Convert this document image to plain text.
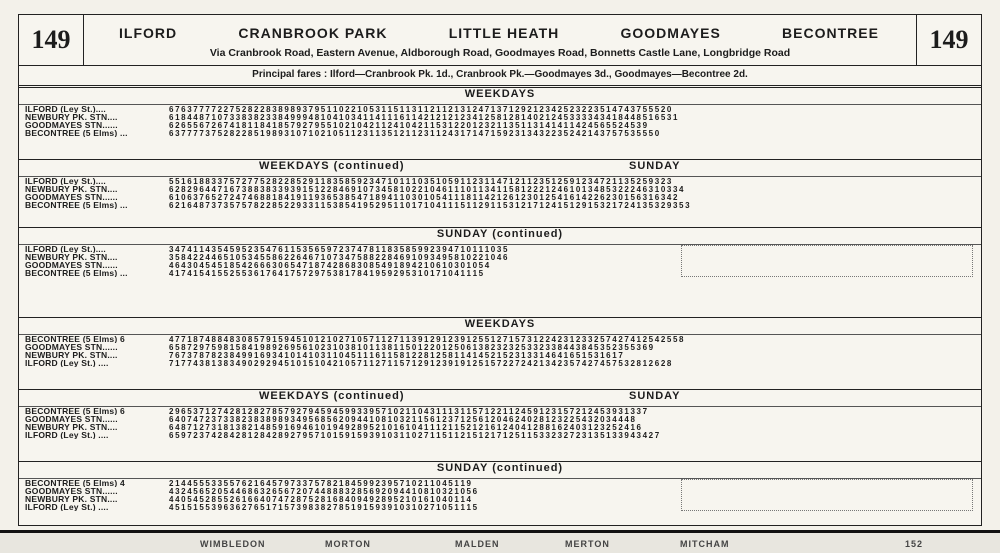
149	ILFORD	CRANBROOK PARK	LITTLE HEATH	GOODMAYES	BECONTREE
Via Cranbrook Road, Eastern Avenue, Aldborough Road, Goodmayes Road, Bonnetts Castle Lane, Longbridge Road	149
Principal fares : Ilford—Cranbrook Pk. 1d., Cranbrook Pk.—Goodmayes 3d., Goodmayes—Becontree 2d.
WEEKDAYS
ILFORD (Ley St.)....	6 7 6 3 7 7 7 7 2 2 7 5 2 8 2 2 8 3 8 9 8 9 3 7 9 5 1 1 0 2 2 1 0 5 3 1 1 5 1 1 3 1 1 2 1 1 2 1 3 1 2 4 7 1 3 7 1 2 9 2 1 2 3 4 2 5 2 3 2 2 3 5 1 4 7 4 3 7 5 5 5 2 0
NEWBURY PK. STN....	6 1 8 4 4 8 7 1 0 7 3 3 8 3 8 2 3 3 8 4 9 9 9 4 8 1 0 4 1 0 3 4 1 1 4 1 1 1 6 1 1 4 2 1 2 1 2 1 2 3 4 1 2 5 8 1 2 8 1 4 0 2 1 2 4 5 3 3 3 3 4 3 4 1 8 4 4 8 5 1 6 5 3 1
GOODMAYES STN......	6 2 6 5 5 6 7 2 6 7 4 1 8 1 1 8 4 1 8 5 7 9 2 7 9 5 5 1 0 2 1 0 4 2 1 1 2 4 1 0 4 2 1 1 5 3 1 2 2 0 1 2 3 2 1 1 3 5 1 1 3 1 4 1 4 1 1 4 2 4 5 6 5 5 2 4 5 3 9
BECONTREE (5 Elms) ...	6 3 7 7 7 7 3 7 5 2 8 2 2 8 5 1 9 8 9 3 1 0 7 1 0 2 1 0 5 1 1 2 3 1 1 3 5 1 2 1 1 2 3 1 1 2 4 3 1 7 1 4 7 1 5 9 2 3 1 3 4 3 2 2 3 5 2 4 2 1 4 3 7 5 7 5 3 5 5 5 0
WEEKDAYS (continued)	SUNDAY
ILFORD (Ley St.)....	5 5 1 6 1 8 8 3 3 7 5 7 2 7 7 5 2 8 2 2 8 5 2 9 1 1 8 3 5 8 5 9 2 3 4 7 1 0 1 1 1 0 3 5 1 0 5 9 1 1 2 3 1 1 4 7 1 2 1 1 2 3 5 1 2 5 9 1 2 3 4 7 2 1 1 3 5 2 5 9 3 2 3
NEWBURY PK. STN....	6 2 8 2 9 6 4 4 7 1 6 7 3 8 8 3 8 3 3 9 3 9 1 5 1 2 2 8 4 6 9 1 0 7 3 4 5 8 1 0 2 2 1 0 4 6 1 1 1 0 1 1 3 4 1 1 5 8 1 2 2 2 1 2 4 6 1 0 1 3 4 8 5 3 2 2 2 4 6 3 1 0 3 3 4
GOODMAYES STN......	6 1 0 6 3 7 6 5 2 7 2 4 7 4 6 8 8 1 8 4 1 9 1 1 9 3 6 5 3 8 5 4 7 1 8 9 4 1 1 0 3 0 1 0 5 4 1 1 1 8 1 1 4 2 1 2 6 1 2 3 0 1 2 5 4 1 6 1 4 2 2 6 2 3 0 1 5 6 3 1 6 3 4 2
BECONTREE (5 Elms) ...	6 2 1 6 4 8 7 3 7 3 5 7 5 7 8 2 2 8 5 2 2 9 3 3 1 1 5 3 8 5 4 1 9 5 2 9 5 1 1 0 1 7 1 0 4 1 1 1 5 1 1 2 9 1 1 5 3 1 2 1 7 1 2 4 1 5 1 2 9 1 5 3 2 1 7 2 4 1 3 5 3 2 9 3 5 3
SUNDAY (continued)
ILFORD (Ley St.)....	3 4 7 4 1 1 4 3 5 4 5 9 5 2 3 5 4 7 6 1 1 5 3 5 6 5 9 7 2 3 7 4 7 8 1 1 8 3 5 8 5 9 9 2 3 9 4 7 1 0 1 1 1 0 3 5
NEWBURY PK. STN....	3 5 8 4 2 2 4 4 6 5 1 0 5 3 4 5 5 8 6 2 2 6 4 6 7 1 0 7 3 4 7 5 8 8 2 2 8 4 6 9 1 0 9 3 4 9 5 8 1 0 2 2 1 0 4 6
GOODMAYES STN......	4 6 4 3 0 4 5 4 5 1 8 5 4 2 6 6 6 3 0 6 5 4 7 1 8 7 4 2 8 6 8 3 0 8 5 4 9 1 8 9 4 2 1 0 6 1 0 3 0 1 0 5 4
BECONTREE (5 Elms) ...	4 1 7 4 1 5 4 1 5 5 2 5 5 3 6 1 7 6 4 1 7 5 7 2 9 7 5 3 8 1 7 8 4 1 9 5 9 2 9 5 3 1 0 1 7 1 0 4 1 1 1 5
WEEKDAYS
BECONTREE (5 Elms) 6	4 7 7 1 8 7 4 8 8 4 8 3 0 8 5 7 9 1 5 9 4 5 1 0 1 2 1 0 2 7 1 0 5 7 1 1 2 7 1 1 3 9 1 2 9 1 2 3 9 1 2 5 5 1 2 7 1 5 7 3 1 2 2 4 2 3 1 2 3 3 2 5 7 4 2 7 4 1 2 5 4 2 5 5 8
GOODMAYES STN......	6 5 8 7 2 9 7 5 9 8 1 5 8 4 1 9 8 9 2 6 9 5 6 1 0 2 3 1 0 3 8 1 0 1 1 3 8 1 1 5 0 1 2 2 0 1 2 5 0 6 1 3 8 2 3 2 3 2 5 3 3 2 3 3 8 4 4 3 8 4 5 3 5 2 3 5 5 3 6 9
NEWBURY PK. STN....	7 6 7 3 7 8 7 8 2 3 8 4 9 9 1 6 9 3 4 1 0 1 4 1 0 3 1 1 0 4 5 1 1 1 6 1 1 5 8 1 2 2 8 1 2 5 8 1 1 4 1 4 5 2 1 5 2 3 1 3 3 1 4 6 4 1 6 5 1 5 3 1 6 1 7
ILFORD (Ley St.) ....	7 1 7 7 4 3 8 1 3 8 3 4 9 0 2 9 2 9 4 5 1 0 1 5 1 0 4 2 1 0 5 7 1 1 2 7 1 1 5 7 1 2 9 1 2 3 9 1 9 1 2 5 1 5 7 2 2 7 2 4 2 1 3 4 2 3 5 7 4 2 7 4 5 7 5 3 2 8 1 2 6 2 8
WEEKDAYS (continued)	SUNDAY
BECONTREE (5 Elms) 6	2 9 6 5 3 7 1 2 7 4 2 8 1 2 8 2 7 8 5 7 9 2 7 9 4 5 9 4 5 9 9 3 3 9 5 7 1 0 2 1 1 0 4 3 1 1 1 3 1 1 5 7 1 2 2 1 1 2 4 5 9 1 2 3 1 5 7 2 1 2 4 5 3 9 3 1 3 3 7
GOODMAYES STN......	6 4 0 7 4 7 2 3 7 3 3 8 2 3 8 3 8 9 8 9 3 4 9 5 6 8 5 6 2 0 9 4 4 1 0 8 1 0 3 2 1 1 5 6 1 2 3 7 1 2 5 6 1 2 0 4 6 2 4 0 2 8 1 2 3 2 2 5 4 3 2 0 3 4 4 4 8
NEWBURY PK. STN....	6 4 8 7 1 2 7 3 1 8 1 3 8 2 1 4 8 5 9 1 6 9 4 6 1 0 1 9 4 9 2 8 9 5 2 1 0 1 6 1 0 4 1 1 1 2 1 1 5 2 1 2 1 6 1 2 4 0 4 1 2 8 8 1 6 2 4 0 3 1 2 3 2 5 2 4 1 6
ILFORD (Ley St.) ....	6 5 9 7 2 3 7 4 2 8 4 2 8 1 2 8 4 2 8 9 2 7 9 5 7 1 0 1 5 9 1 5 9 3 9 1 0 3 1 1 0 2 7 1 1 5 1 1 2 1 5 1 2 1 7 1 2 5 1 1 5 3 3 2 3 2 7 2 3 1 3 5 1 3 3 9 4 3 4 2 7
SUNDAY (continued)
BECONTREE (5 Elms) 4	2 1 4 4 5 5 5 3 3 5 5 7 6 2 1 6 4 5 7 9 7 3 3 7 5 7 8 2 1 8 4 5 9 9 2 3 9 5 7 1 0 2 1 1 0 4 5 1 1 9
GOODMAYES STN......	4 3 2 4 5 6 5 2 0 5 4 4 6 8 6 3 2 6 5 6 7 2 0 7 4 4 8 8 8 3 2 8 5 6 9 2 0 9 4 4 1 0 8 1 0 3 2 1 0 5 6
NEWBURY PK. STN....	4 4 0 5 4 5 2 8 5 5 2 6 1 6 6 4 0 7 4 7 2 8 7 5 2 8 1 6 8 4 0 9 4 9 2 8 9 5 2 1 0 1 6 1 0 4 0 1 1 4
ILFORD (Ley St.) ....	4 5 1 5 1 5 5 3 9 6 3 6 2 7 6 5 1 7 1 5 7 3 9 8 3 8 2 7 8 5 1 9 1 5 9 3 9 1 0 3 1 0 2 7 1 0 5 1 1 1 5
WIMBLEDON	MORTON	MALDEN	MERTON	MITCHAM	152
